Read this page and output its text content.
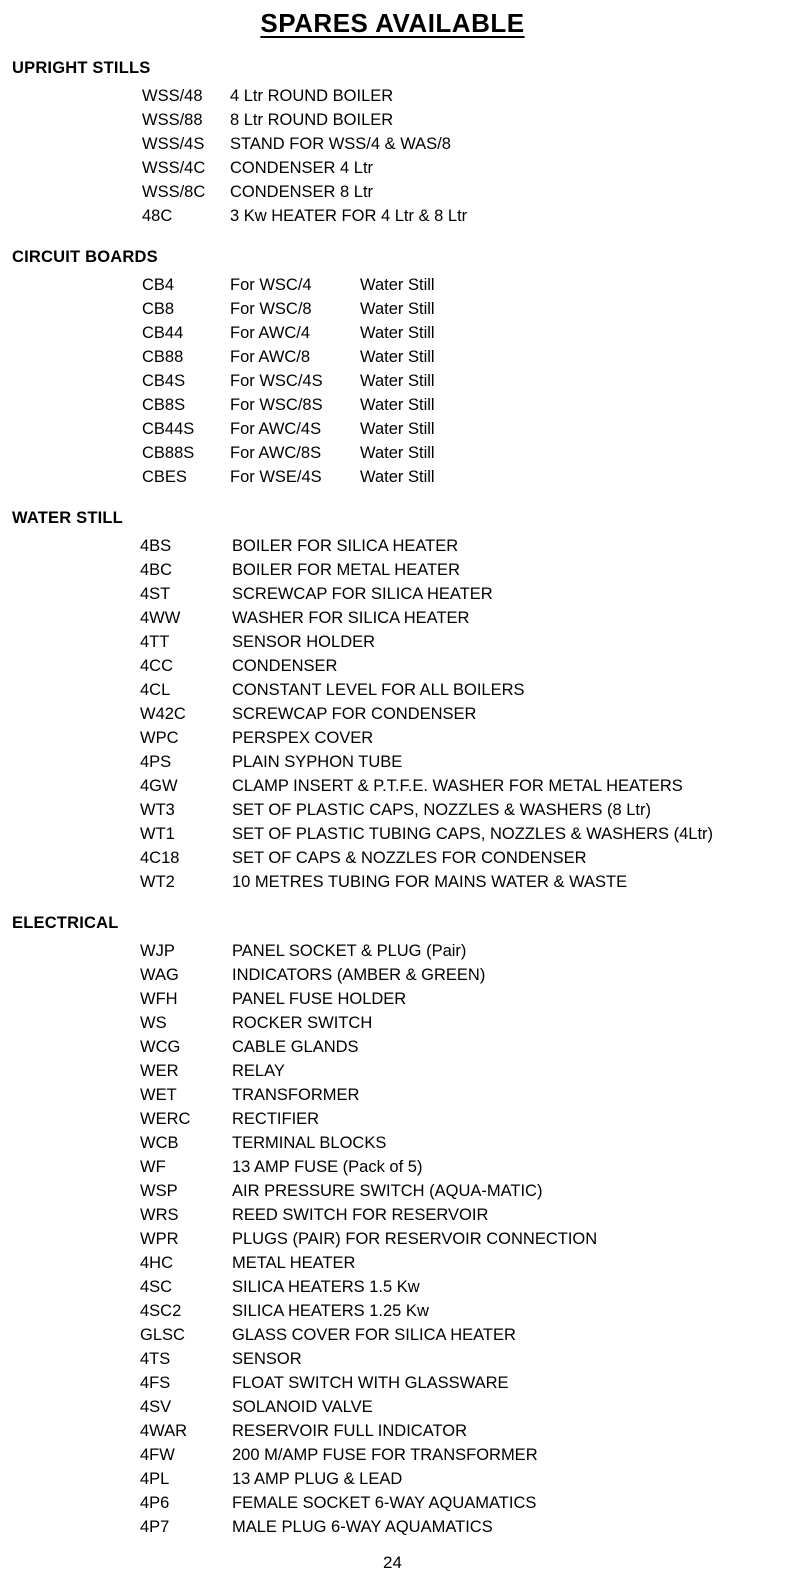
SPARES AVAILABLE
UPRIGHT STILLS
WSS/48	4 Ltr ROUND BOILER
WSS/88	8 Ltr ROUND BOILER
WSS/4S	STAND FOR WSS/4 & WAS/8
WSS/4C	CONDENSER 4 Ltr
WSS/8C	CONDENSER 8 Ltr
48C	3 Kw HEATER FOR 4 Ltr & 8 Ltr
CIRCUIT BOARDS
CB4	For WSC/4	Water Still
CB8	For WSC/8	Water Still
CB44	For AWC/4	Water Still
CB88	For AWC/8	Water Still
CB4S	For WSC/4S	Water Still
CB8S	For WSC/8S	Water Still
CB44S	For AWC/4S	Water Still
CB88S	For AWC/8S	Water Still
CBES	For WSE/4S	Water Still
WATER STILL
4BS	BOILER FOR SILICA HEATER
4BC	BOILER FOR METAL HEATER
4ST	SCREWCAP FOR SILICA HEATER
4WW	WASHER FOR SILICA HEATER
4TT	SENSOR HOLDER
4CC	CONDENSER
4CL	CONSTANT LEVEL FOR ALL BOILERS
W42C	SCREWCAP FOR CONDENSER
WPC	PERSPEX COVER
4PS	PLAIN SYPHON TUBE
4GW	CLAMP INSERT & P.T.F.E. WASHER FOR METAL HEATERS
WT3	SET OF PLASTIC CAPS, NOZZLES & WASHERS (8 Ltr)
WT1	SET OF PLASTIC TUBING CAPS, NOZZLES & WASHERS (4Ltr)
4C18	SET OF CAPS & NOZZLES FOR CONDENSER
WT2	10 METRES TUBING FOR MAINS WATER & WASTE
ELECTRICAL
WJP	PANEL SOCKET & PLUG (Pair)
WAG	INDICATORS (AMBER & GREEN)
WFH	PANEL FUSE HOLDER
WS	ROCKER SWITCH
WCG	CABLE GLANDS
WER	RELAY
WET	TRANSFORMER
WERC	RECTIFIER
WCB	TERMINAL BLOCKS
WF	13 AMP FUSE (Pack of 5)
WSP	AIR PRESSURE SWITCH (AQUA-MATIC)
WRS	REED SWITCH FOR RESERVOIR
WPR	PLUGS (PAIR) FOR RESERVOIR CONNECTION
4HC	METAL HEATER
4SC	SILICA HEATERS 1.5 Kw
4SC2	SILICA HEATERS 1.25 Kw
GLSC	GLASS COVER FOR SILICA HEATER
4TS	SENSOR
4FS	FLOAT SWITCH WITH GLASSWARE
4SV	SOLANOID VALVE
4WAR	RESERVOIR FULL INDICATOR
4FW	200 M/AMP FUSE FOR TRANSFORMER
4PL	13 AMP PLUG & LEAD
4P6	FEMALE SOCKET 6-WAY AQUAMATICS
4P7	MALE PLUG 6-WAY AQUAMATICS
24
